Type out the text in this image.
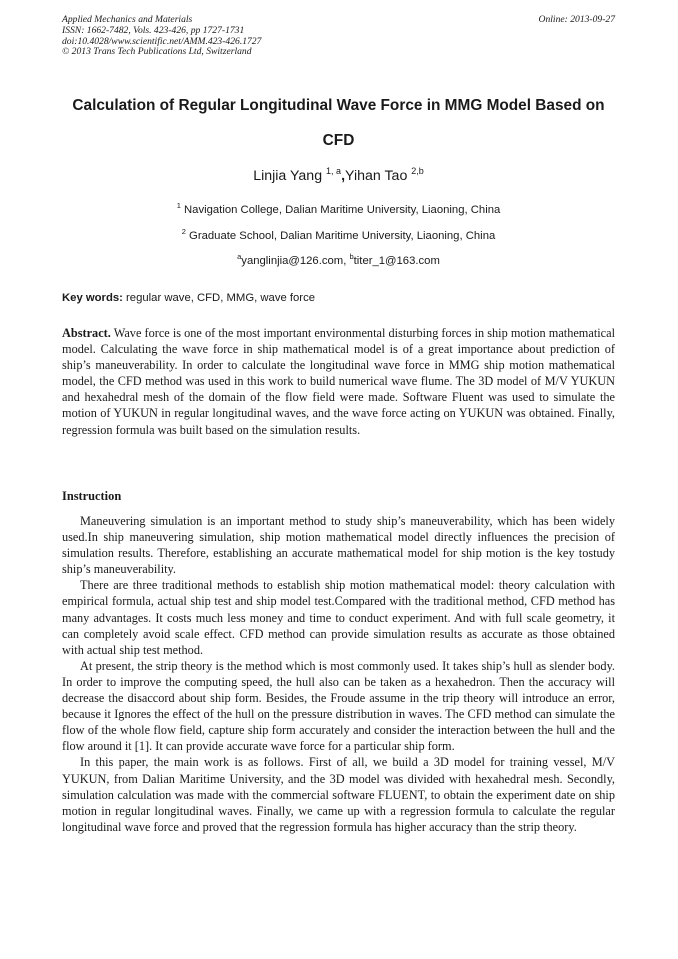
Applied Mechanics and Materials
ISSN: 1662-7482, Vols. 423-426, pp 1727-1731
doi:10.4028/www.scientific.net/AMM.423-426.1727
© 2013 Trans Tech Publications Ltd, Switzerland
Online: 2013-09-27
Calculation of Regular Longitudinal Wave Force in MMG Model Based on CFD
Linjia Yang $^{1, a}$,Yihan Tao $^{2,b}$
$^1$ Navigation College, Dalian Maritime University, Liaoning, China
$^2$ Graduate School, Dalian Maritime University, Liaoning, China
$^a$yanglinjia@126.com, $^b$titer_1@163.com
Key words: regular wave, CFD, MMG, wave force

Abstract. Wave force is one of the most important environmental disturbing forces in ship motion mathematical model. Calculating the wave force in ship mathematical model is of a great importance about prediction of ship’s maneuverability. In order to calculate the longitudinal wave force in MMG ship motion mathematical model, the CFD method was used in this work to build numerical wave flume. The 3D model of M/V YUKUN and hexahedral mesh of the domain of the flow field were made. Software Fluent was used to simulate the motion of YUKUN in regular longitudinal waves, and the wave force acting on YUKUN was obtained. Finally, regression formula was built based on the simulation results.

Instruction

Maneuvering simulation is an important method to study ship’s maneuverability, which has been widely used.In ship maneuvering simulation, ship motion mathematical model directly influences the precision of simulation results. Therefore, establishing an accurate mathematical model for ship motion is the key tostudy ship’s maneuverability.

There are three traditional methods to establish ship motion mathematical model: theory calculation with empirical formula, actual ship test and ship model test.Compared with the traditional method, CFD method has many advantages. It costs much less money and time to conduct experiment. And with full scale geometry, it can completely avoid scale effect. CFD method can provide simulation results as accurate as those obtained with actual ship test method.

At present, the strip theory is the method which is most commonly used. It takes ship’s hull as slender body. In order to improve the computing speed, the hull also can be taken as a hexahedron. Then the accuracy will decrease the disaccord about ship form. Besides, the Froude assume in the trip theory will introduce an error, because it Ignores the effect of the hull on the pressure distribution in waves. The CFD method can simulate the flow of the whole flow field, capture ship form accurately and consider the interaction between the hull and the flow around it [1]. It can provide accurate wave force for a particular ship form.

In this paper, the main work is as follows. First of all, we build a 3D model for training vessel, M/V YUKUN, from Dalian Maritime University, and the 3D model was divided with hexahedral mesh. Secondly, simulation calculation was made with the commercial software FLUENT, to obtain the experiment date on ship motion in regular longitudinal waves. Finally, we came up with a regression formula to calculate the regular longitudinal wave force and proved that the regression formula has higher accuracy than the strip theory.
